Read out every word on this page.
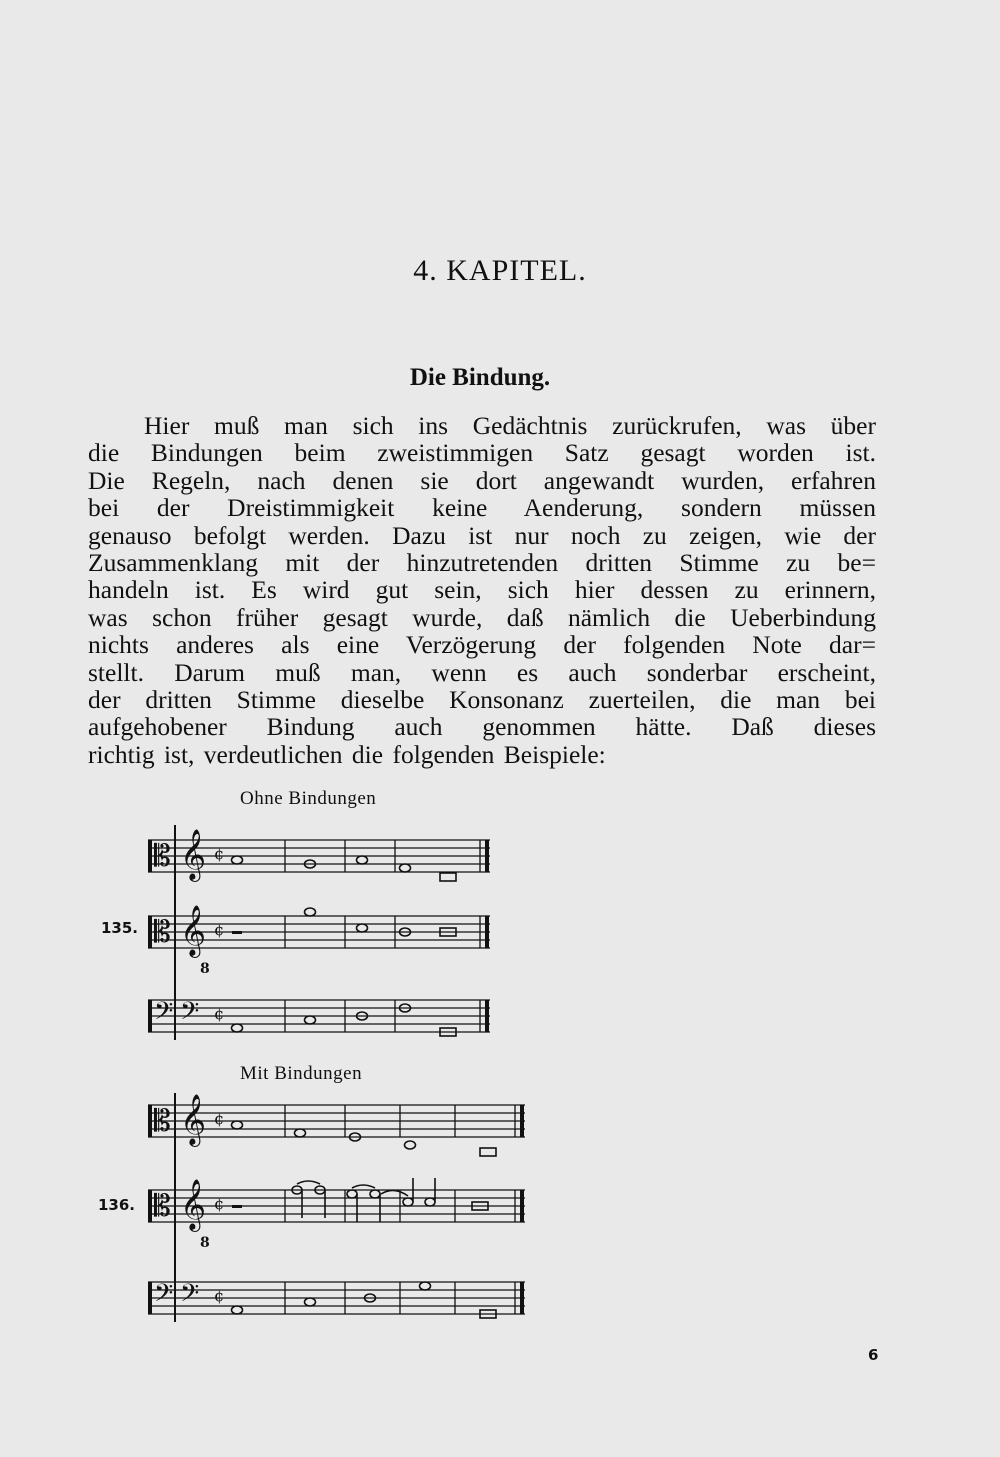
4. KAPITEL.
Die Bindung.
Hier muß man sich ins Gedächtnis zurückrufen, was über
die Bindungen beim zweistimmigen Satz gesagt worden ist.
Die Regeln, nach denen sie dort angewandt wurden, erfahren
bei der Dreistimmigkeit keine Aenderung, sondern müssen
genauso befolgt werden. Dazu ist nur noch zu zeigen, wie der
Zusammenklang mit der hinzutretenden dritten Stimme zu be=
handeln ist. Es wird gut sein, sich hier dessen zu erinnern,
was schon früher gesagt wurde, daß nämlich die Ueberbindung
nichts anderes als eine Verzögerung der folgenden Note dar=
stellt. Darum muß man, wenn es auch sonderbar erscheint,
der dritten Stimme dieselbe Konsonanz zuerteilen, die man bei
aufgehobener Bindung auch genommen hätte. Daß dieses
richtig ist, verdeutlichen die folgenden Beispiele:
Ohne Bindungen
135.
𝄡
𝄡
𝄞
𝄞
𝄢
𝄢
¢
¢
¢
8
Mit Bindungen
136.
𝄡
𝄡
𝄞
𝄞
𝄢
𝄢
¢
¢
¢
8
6
